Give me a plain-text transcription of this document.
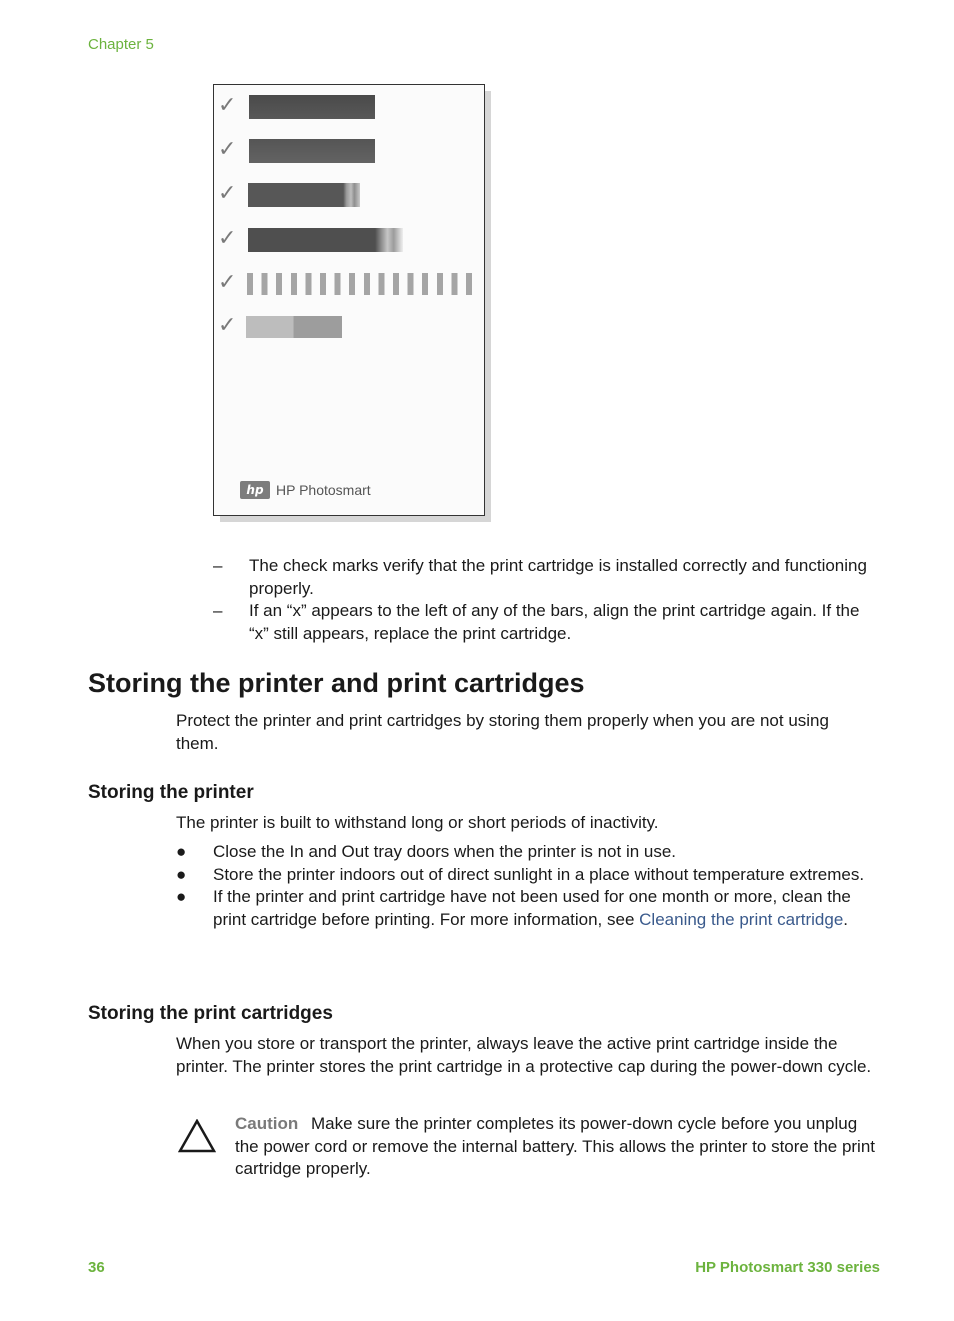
Chapter 5
✓
✓
✓
✓
✓
✓
hp HP Photosmart
– The check marks verify that the print cartridge is installed correctly and functioning properly.
– If an “x” appears to the left of any of the bars, align the print cartridge again. If the “x” still appears, replace the print cartridge.
Storing the printer and print cartridges

Protect the printer and print cartridges by storing them properly when you are not using them.

Storing the printer

The printer is built to withstand long or short periods of inactivity.

● Close the In and Out tray doors when the printer is not in use.
● Store the printer indoors out of direct sunlight in a place without temperature extremes.
● If the printer and print cartridge have not been used for one month or more, clean the print cartridge before printing. For more information, see Cleaning the print cartridge.
Storing the print cartridges

When you store or transport the printer, always leave the active print cartridge inside the printer. The printer stores the print cartridge in a protective cap during the power-down cycle.

Caution Make sure the printer completes its power-down cycle before you unplug the power cord or remove the internal battery. This allows the printer to store the print cartridge properly.
36	HP Photosmart 330 series
